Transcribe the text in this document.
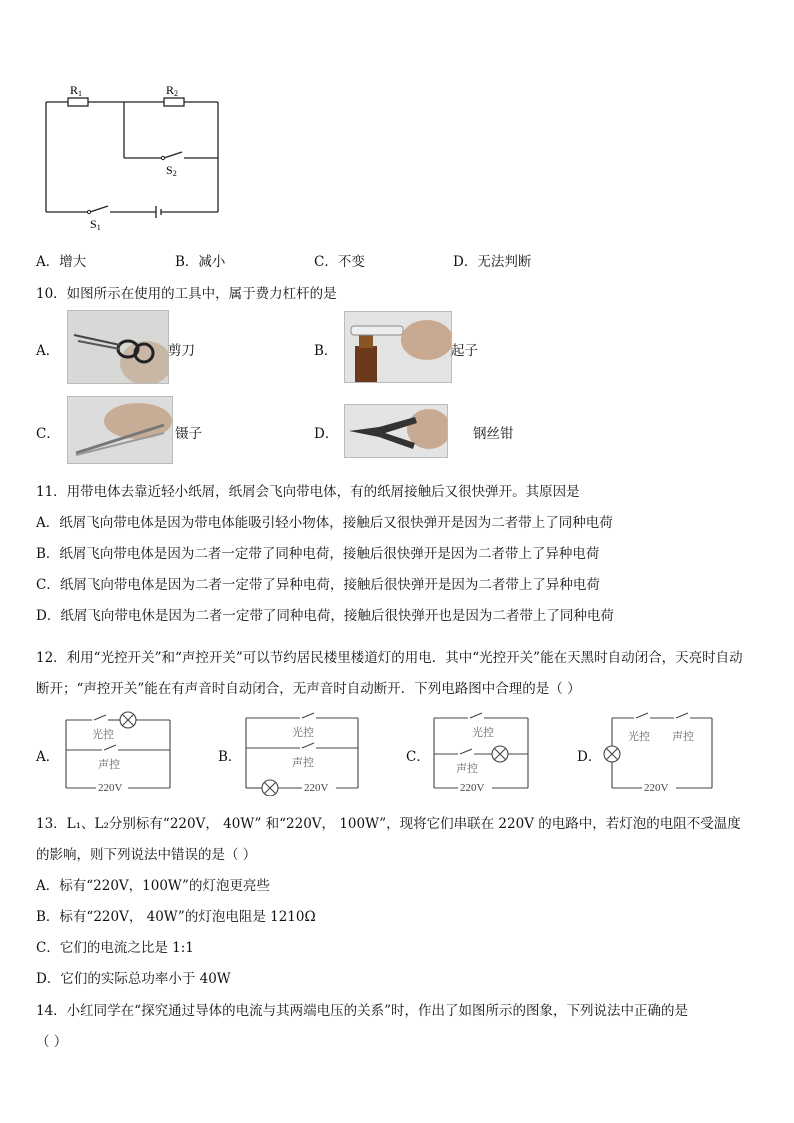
R1	R2
S2
S1
A．增大	B．减小	C．不变	D．无法判断
10．如图所示在使用的工具中，属于费力杠杆的是
A．	剪刀	B．	起子
C．	镊子	D．	钢丝钳
11．用带电体去靠近轻小纸屑，纸屑会飞向带电体，有的纸屑接触后又很快弹开。其原因是
A．纸屑飞向带电体是因为带电体能吸引轻小物体，接触后又很快弹开是因为二者带上了同种电荷
B．纸屑飞向带电体是因为二者一定带了同种电荷，接触后很快弹开是因为二者带上了异种电荷
C．纸屑飞向带电体是因为二者一定带了异种电荷，接触后很快弹开是因为二者带上了异种电荷
D．纸屑飞向带电休是因为二者一定带了同种电荷，接触后很快弹开也是因为二者带上了同种电荷
12．利用“光控开关”和“声控开关”可以节约居民楼里楼道灯的用电．其中“光控开关”能在天黑时自动闭合，天亮时自动
断开；“声控开关”能在有声音时自动闭合，无声音时自动断开．下列电路图中合理的是（ ）
A．
光控
声控
220V
B．
光控
声控
220V
C．
光控
声控
220V
D．
光控 声控
220V
13．L₁、L₂分别标有“220V， 40W” 和“220V， 100W”，现将它们串联在 220V 的电路中，若灯泡的电阻不受温度
的影响，则下列说法中错误的是（ ）
A．标有“220V，100W”的灯泡更亮些
B．标有“220V， 40W”的灯泡电阻是 1210Ω
C．它们的电流之比是 1:1
D．它们的实际总功率小于 40W
14．小红同学在“探究通过导体的电流与其两端电压的关系”时，作出了如图所示的图象，下列说法中正确的是
（ ）
